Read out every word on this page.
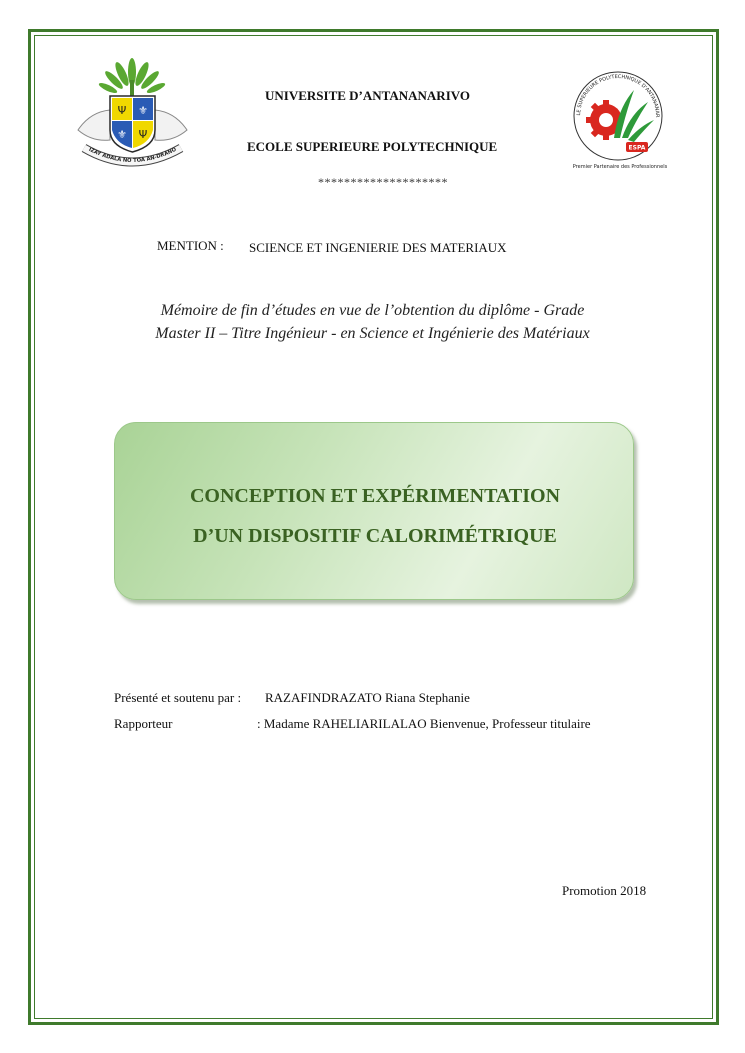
Ψ ⚜
⚜ Ψ
IZAY ADALA NO TOA AN-DRANO
LE SUPERIEURE POLYTECHNIQUE D'ANTANANAR
ESPA
Premier Partenaire des Professionnels
UNIVERSITE D’ANTANANARIVO
ECOLE SUPERIEURE POLYTECHNIQUE
********************
MENTION : SCIENCE ET INGENIERIE DES MATERIAUX
Mémoire de fin d’études en vue de l’obtention du diplôme - Grade
Master II – Titre Ingénieur - en Science et Ingénierie des Matériaux
CONCEPTION ET EXPÉRIMENTATION
D’UN DISPOSITIF CALORIMÉTRIQUE
Présenté et soutenu par : RAZAFINDRAZATO Riana Stephanie
Rapporteur	: Madame RAHELIARILALAO Bienvenue, Professeur titulaire
Promotion 2018
